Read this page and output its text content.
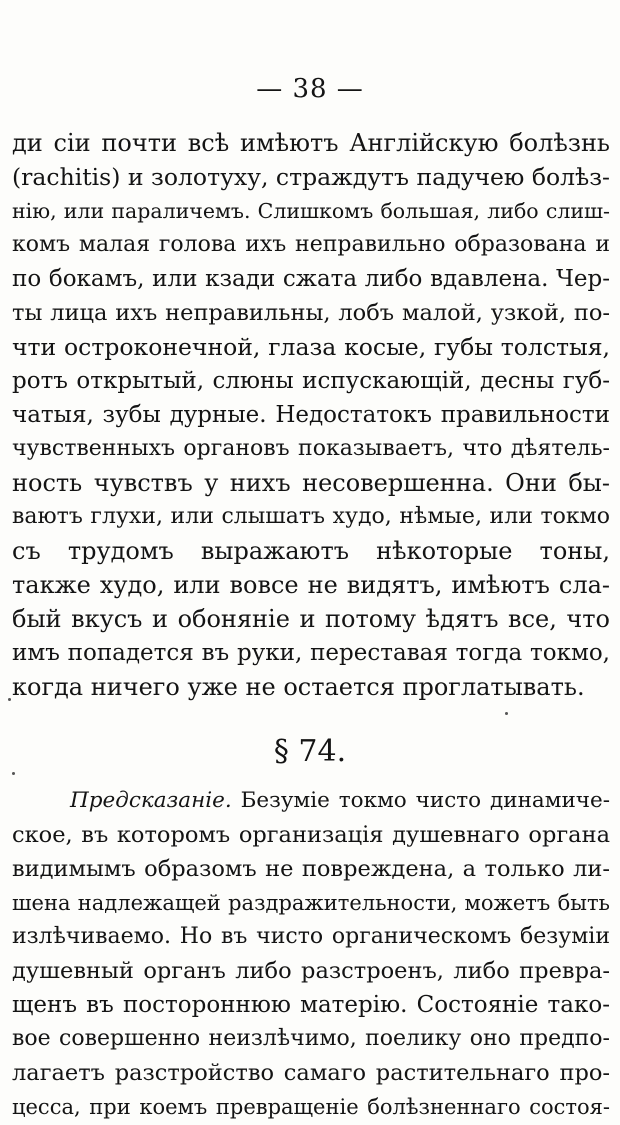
— 38 —
ди сіи почти всѣ имѣютъ Англійскую болѣзнь
(rachitis) и золотуху, страждутъ падучею болѣз-
нію, или параличемъ. Слишкомъ большая, либо слиш-
комъ малая голова ихъ неправильно образована и
по бокамъ, или кзади сжата либо вдавлена. Чер-
ты лица ихъ неправильны, лобъ малой, узкой, по-
чти остроконечной, глаза косые, губы толстыя,
ротъ открытый, слюны испускающій, десны губ-
чатыя, зубы дурные. Недостатокъ правильности
чувственныхъ органовъ показываетъ, что дѣятель-
ность чувствъ у нихъ несовершенна. Они бы-
ваютъ глухи, или слышатъ худо, нѣмые, или токмо
съ трудомъ выражаютъ нѣкоторые тоны,
также худо, или вовсе не видятъ, имѣютъ сла-
бый вкусъ и обоняніе и потому ѣдятъ все, что
имъ попадется въ руки, переставая тогда токмо,
когда ничего уже не остается проглатывать.
§ 74.
Предсказаніе. Безуміе токмо чисто динамиче-
ское, въ которомъ организація душевнаго органа
видимымъ образомъ не повреждена, а только ли-
шена надлежащей раздражительности, можетъ быть
излѣчиваемо. Но въ чисто органическомъ безуміи
душевный органъ либо разстроенъ, либо превра-
щенъ въ постороннюю матерію. Состояніе тако-
вое совершенно неизлѣчимо, поелику оно предпо-
лагаетъ разстройство самаго растительнаго про-
цесса, при коемъ превращеніе болѣзненнаго состоя-
